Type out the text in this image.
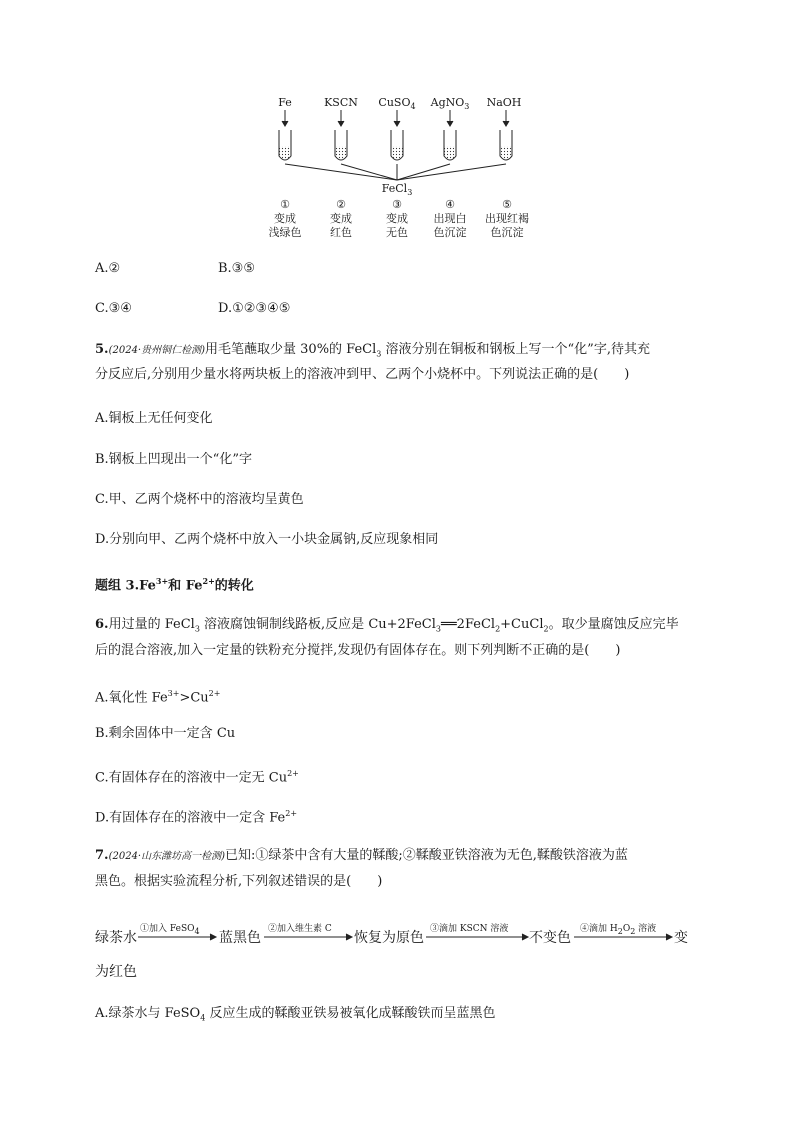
Fe	KSCN	CuSO$_4$	AgNO$_3$	NaOH
FeCl$_3$
①
变成
浅绿色
②
变成
红色
③
变成
无色
④
出现白
色沉淀
⑤
出现红褐
色沉淀
A.②	B.③⑤
C.③④	D.①②③④⑤
5.(2024·贵州铜仁检测)用毛笔蘸取少量 30%的 FeCl$_3$ 溶液分别在铜板和钢板上写一个“化”字,待其充
分反应后,分别用少量水将两块板上的溶液冲到甲、乙两个小烧杯中。下列说法正确的是(　　)
A.铜板上无任何变化
B.钢板上凹现出一个“化”字
C.甲、乙两个烧杯中的溶液均呈黄色
D.分别向甲、乙两个烧杯中放入一小块金属钠,反应现象相同
题组 $3.Fe^{3+}$和 $Fe^{2+}$的转化
6.用过量的 FeCl$_3$ 溶液腐蚀铜制线路板,反应是 Cu+2FeCl$_3$══2FeCl$_2$+CuCl$_2$。取少量腐蚀反应完毕
后的混合溶液,加入一定量的铁粉充分搅拌,发现仍有固体存在。则下列判断不正确的是(　　)
A.氧化性 $Fe^{3+}>Cu^{2+}$
B.剩余固体中一定含 Cu
C.有固体存在的溶液中一定无 $Cu^{2+}$
D.有固体存在的溶液中一定含 $Fe^{2+}$
7.(2024·山东潍坊高一检测)已知:①绿茶中含有大量的鞣酸;②鞣酸亚铁溶液为无色,鞣酸铁溶液为蓝
黑色。根据实验流程分析,下列叙述错误的是(　　)
绿茶水
①加入 FeSO$_4$ 蓝黑色
②加入维生素 C
恢复为原色
③滴加 KSCN 溶液
不变色
④滴加 $H_2O_2$ 溶液
变
为红色
A.绿茶水与 FeSO$_4$ 反应生成的鞣酸亚铁易被氧化成鞣酸铁而呈蓝黑色
